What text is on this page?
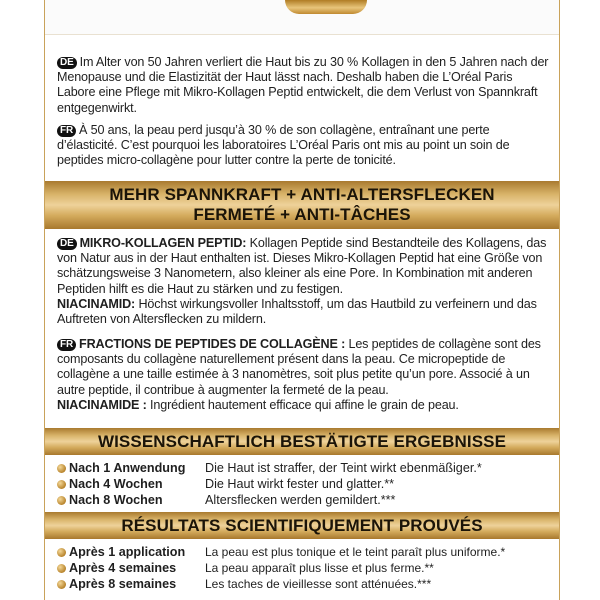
DE Im Alter von 50 Jahren verliert die Haut bis zu 30 % Kollagen in den 5 Jahren nach der Menopause und die Elastizität der Haut lässt nach. Deshalb haben die L’Oréal Paris Labore eine Pflege mit Mikro-Kollagen Peptid entwickelt, die dem Verlust von Spannkraft entgegenwirkt.
FR À 50 ans, la peau perd jusqu’à 30 % de son collagène, entraînant une perte d’élasticité. C’est pourquoi les laboratoires L’Oréal Paris ont mis au point un soin de peptides micro-collagène pour lutter contre la perte de tonicité.
MEHR SPANNKRAFT + ANTI-ALTERSFLECKEN
FERMETÉ + ANTI-TÂCHES
DE MIKRO-KOLLAGEN PEPTID: Kollagen Peptide sind Bestandteile des Kollagens, das von Natur aus in der Haut enthalten ist. Dieses Mikro-Kollagen Peptid hat eine Größe von schätzungsweise 3 Nanometern, also kleiner als eine Pore. In Kombination mit anderen Peptiden hilft es die Haut zu stärken und zu festigen.
NIACINAMID: Höchst wirkungsvoller Inhaltsstoff, um das Hautbild zu verfeinern und das Auftreten von Altersflecken zu mildern.
FR FRACTIONS DE PEPTIDES DE COLLAGÈNE : Les peptides de collagène sont des composants du collagène naturellement présent dans la peau. Ce micropeptide de collagène a une taille estimée à 3 nanomètres, soit plus petite qu’un pore. Associé à un autre peptide, il contribue à augmenter la fermeté de la peau.
NIACINAMIDE : Ingrédient hautement efficace qui affine le grain de peau.
WISSENSCHAFTLICH BESTÄTIGTE ERGEBNISSE
Nach 1 Anwendung Die Haut ist straffer, der Teint wirkt ebenmäßiger.*
Nach 4 Wochen	Die Haut wirkt fester und glatter.**
Nach 8 Wochen	Altersflecken werden gemildert.***
RÉSULTATS SCIENTIFIQUEMENT PROUVÉS
Après 1 application La peau est plus tonique et le teint paraît plus uniforme.*
Après 4 semaines La peau apparaît plus lisse et plus ferme.**
Après 8 semaines Les taches de vieillesse sont atténuées.***
